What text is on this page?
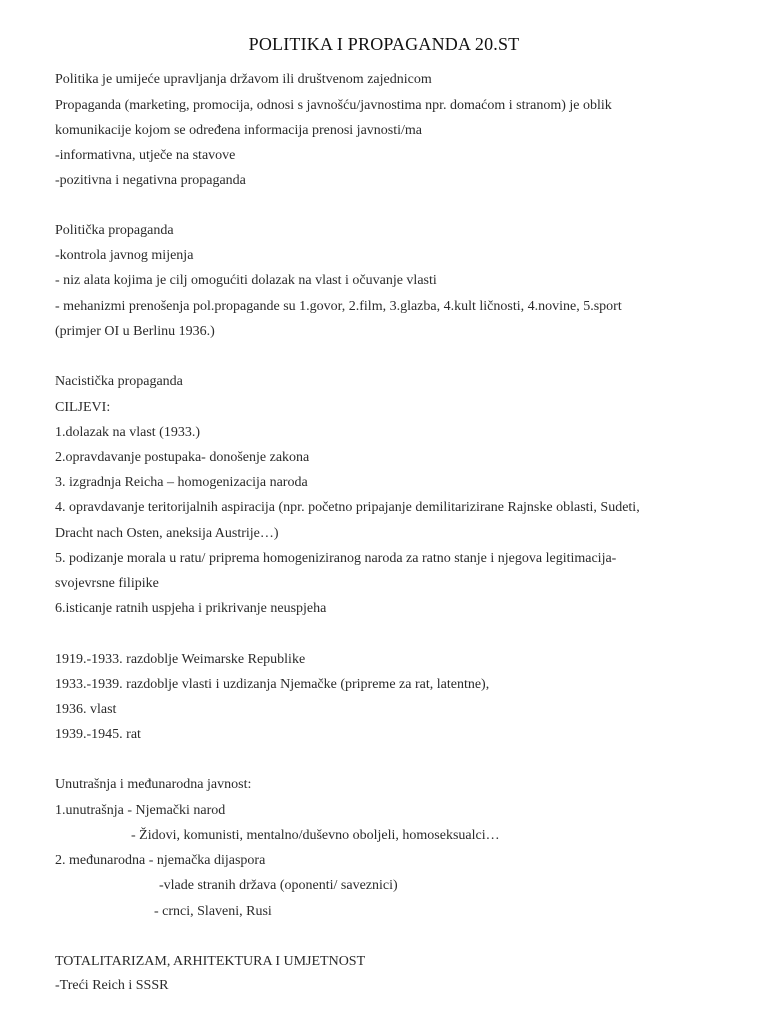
POLITIKA I PROPAGANDA 20.ST
Politika je umijeće upravljanja državom ili društvenom zajednicom
Propaganda (marketing, promocija, odnosi s javnošću/javnostima npr. domaćom i stranom) je oblik
komunikacije kojom se određena informacija prenosi javnosti/ma
-informativna, utječe na stavove
-pozitivna i negativna propaganda
Politička propaganda
-kontrola javnog mijenja
- niz alata kojima je cilj omogućiti dolazak na vlast i očuvanje vlasti
- mehanizmi prenošenja pol.propagande su 1.govor, 2.film, 3.glazba, 4.kult ličnosti, 4.novine, 5.sport
(primjer OI u Berlinu 1936.)
Nacistička propaganda
CILJEVI:
1.dolazak na vlast (1933.)
2.opravdavanje postupaka- donošenje zakona
3. izgradnja Reicha – homogenizacija naroda
4. opravdavanje teritorijalnih aspiracija (npr. početno pripajanje demilitarizirane Rajnske oblasti, Sudeti,
Dracht nach Osten, aneksija Austrije…)
5. podizanje morala u ratu/ priprema homogeniziranog naroda za ratno stanje i njegova legitimacija-
svojevrsne filipike
6.isticanje ratnih uspjeha i prikrivanje neuspjeha
1919.-1933. razdoblje Weimarske Republike
1933.-1939. razdoblje vlasti i uzdizanja Njemačke (pripreme za rat, latentne),
1936. vlast
1939.-1945. rat
Unutrašnja i međunarodna javnost:
1.unutrašnja - Njemački narod
- Židovi, komunisti, mentalno/duševno oboljeli, homoseksualci…
2. međunarodna - njemačka dijaspora
-vlade stranih država (oponenti/ saveznici)
- crnci, Slaveni, Rusi
TOTALITARIZAM, ARHITEKTURA I UMJETNOST
-Treći Reich i SSSR
